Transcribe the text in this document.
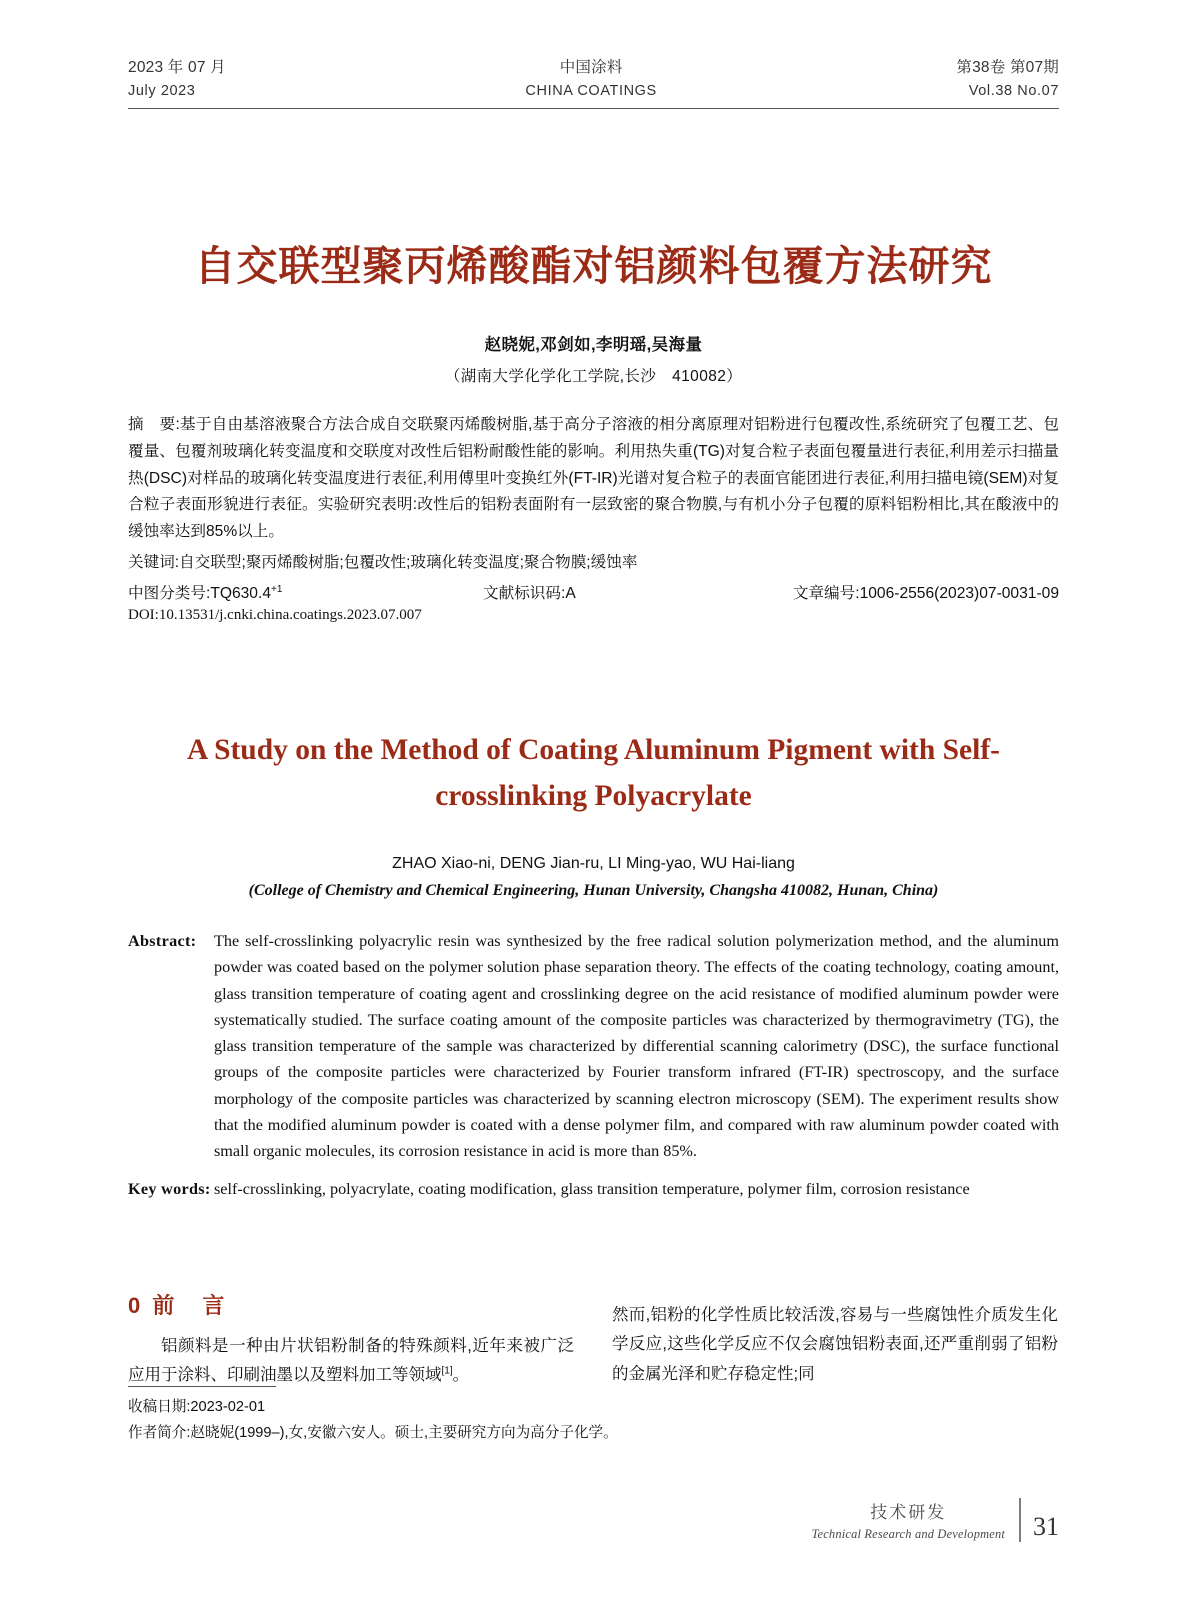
2023 年 07 月
July 2023
中国涂料
CHINA COATINGS
第38卷 第07期
Vol.38 No.07
自交联型聚丙烯酸酯对铝颜料包覆方法研究
赵晓妮,邓剑如,李明瑶,吴海量
（湖南大学化学化工学院,长沙　410082）
摘　要:基于自由基溶液聚合方法合成自交联聚丙烯酸树脂,基于高分子溶液的相分离原理对铝粉进行包覆改性,系统研究了包覆工艺、包覆量、包覆剂玻璃化转变温度和交联度对改性后铝粉耐酸性能的影响。利用热失重(TG)对复合粒子表面包覆量进行表征,利用差示扫描量热(DSC)对样品的玻璃化转变温度进行表征,利用傅里叶变换红外(FT-IR)光谱对复合粒子的表面官能团进行表征,利用扫描电镜(SEM)对复合粒子表面形貌进行表征。实验研究表明:改性后的铝粉表面附有一层致密的聚合物膜,与有机小分子包覆的原料铝粉相比,其在酸液中的缓蚀率达到85%以上。
关键词:自交联型;聚丙烯酸树脂;包覆改性;玻璃化转变温度;聚合物膜;缓蚀率
中图分类号$:TQ630.4^{+1}$	文献标识码:A	文章编号:1006-2556(2023)07-0031-09
DOI:10.13531/j.cnki.china.coatings.2023.07.007
A Study on the Method of Coating Aluminum Pigment with Self-crosslinking Polyacrylate
ZHAO Xiao-ni, DENG Jian-ru, LI Ming-yao, WU Hai-liang
(College of Chemistry and Chemical Engineering, Hunan University, Changsha 410082, Hunan, China)
Abstract:	The self-crosslinking polyacrylic resin was synthesized by the free radical solution polymerization method, and the aluminum powder was coated based on the polymer solution phase separation theory. The effects of the coating technology, coating amount, glass transition temperature of coating agent and crosslinking degree on the acid resistance of modified aluminum powder were systematically studied. The surface coating amount of the composite particles was characterized by thermogravimetry (TG), the glass transition temperature of the sample was characterized by differential scanning calorimetry (DSC), the surface functional groups of the composite particles were characterized by Fourier transform infrared (FT-IR) spectroscopy, and the surface morphology of the composite particles was characterized by scanning electron microscopy (SEM). The experiment results show that the modified aluminum powder is coated with a dense polymer film, and compared with raw aluminum powder coated with small organic molecules, its corrosion resistance in acid is more than 85%.
Key words: self-crosslinking, polyacrylate, coating modification, glass transition temperature, polymer film, corrosion resistance
0 前　言
铝颜料是一种由片状铝粉制备的特殊颜料,近年来被广泛应用于涂料、印刷油墨以及塑料加工等领域[1]。
然而,铝粉的化学性质比较活泼,容易与一些腐蚀性介质发生化学反应,这些化学反应不仅会腐蚀铝粉表面,还严重削弱了铝粉的金属光泽和贮存稳定性;同
收稿日期:2023-02-01
作者简介:赵晓妮(1999–),女,安徽六安人。硕士,主要研究方向为高分子化学。
技术研发
Technical Research and Development 31
